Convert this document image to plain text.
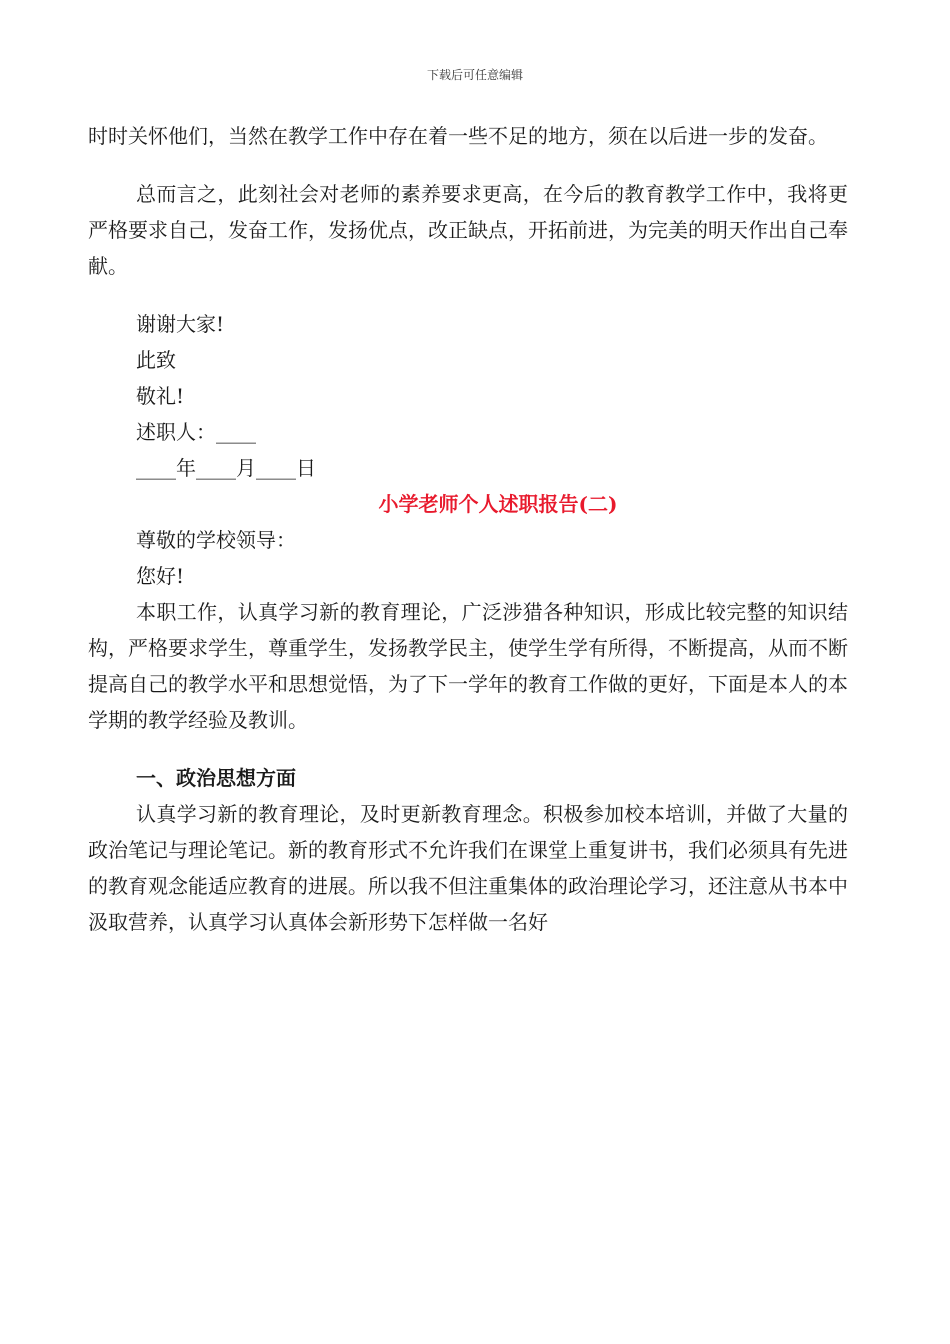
下载后可任意编辑

时时关怀他们，当然在教学工作中存在着一些不足的地方，须在以后进一步的发奋。

总而言之，此刻社会对老师的素养要求更高，在今后的教育教学工作中，我将更严格要求自己，发奋工作，发扬优点，改正缺点，开拓前进，为完美的明天作出自己奉献。

谢谢大家!

此致

敬礼!

述职人：____

____年____月____日

小学老师个人述职报告(二)

尊敬的学校领导：

您好!

本职工作，认真学习新的教育理论，广泛涉猎各种知识，形成比较完整的知识结构，严格要求学生，尊重学生，发扬教学民主，使学生学有所得，不断提高，从而不断提高自己的教学水平和思想觉悟，为了下一学年的教育工作做的更好，下面是本人的本学期的教学经验及教训。

一、政治思想方面

认真学习新的教育理论，及时更新教育理念。积极参加校本培训，并做了大量的政治笔记与理论笔记。新的教育形式不允许我们在课堂上重复讲书，我们必须具有先进的教育观念能适应教育的进展。所以我不但注重集体的政治理论学习，还注意从书本中汲取营养，认真学习认真体会新形势下怎样做一名好
